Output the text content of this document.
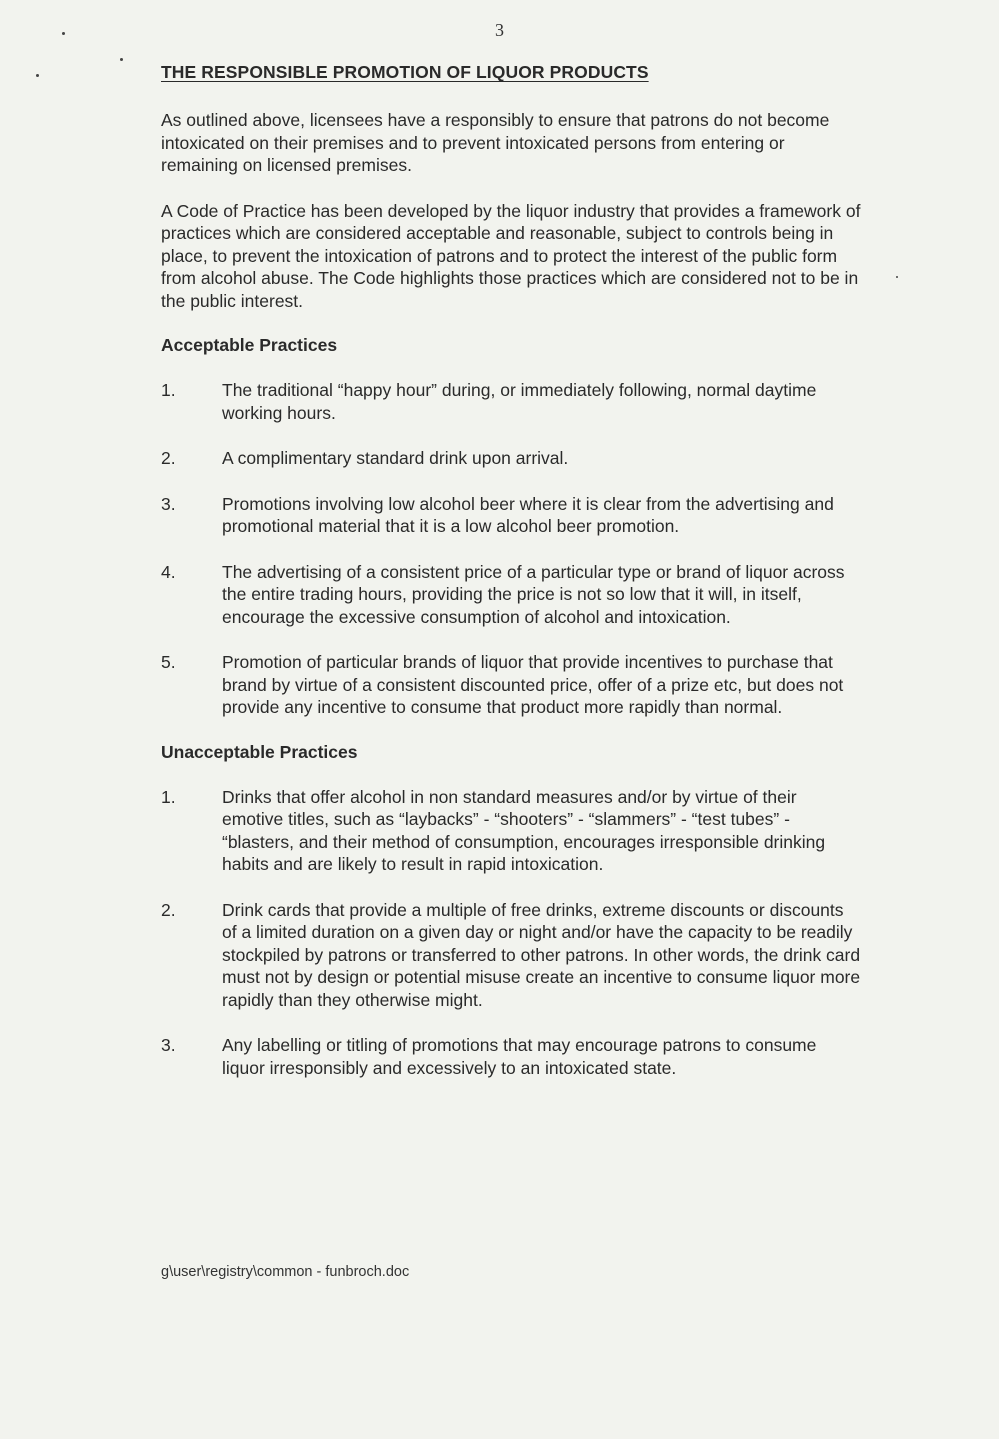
3
THE RESPONSIBLE PROMOTION OF LIQUOR PRODUCTS
As outlined above, licensees have a responsibly to ensure that patrons do not become intoxicated on their premises and to prevent intoxicated persons from entering or remaining on licensed premises.
A Code of Practice has been developed by the liquor industry that provides a framework of practices which are considered acceptable and reasonable, subject to controls being in place, to prevent the intoxication of patrons and to protect the interest of the public form from alcohol abuse. The Code highlights those practices which are considered not to be in the public interest.
Acceptable Practices
1.	The traditional “happy hour” during, or immediately following, normal daytime working hours.
2.	A complimentary standard drink upon arrival.
3.	Promotions involving low alcohol beer where it is clear from the advertising and promotional material that it is a low alcohol beer promotion.
4.	The advertising of a consistent price of a particular type or brand of liquor across the entire trading hours, providing the price is not so low that it will, in itself, encourage the excessive consumption of alcohol and intoxication.
5.	Promotion of particular brands of liquor that provide incentives to purchase that brand by virtue of a consistent discounted price, offer of a prize etc, but does not provide any incentive to consume that product more rapidly than normal.
Unacceptable Practices
1.	Drinks that offer alcohol in non standard measures and/or by virtue of their emotive titles, such as “laybacks” - “shooters” - “slammers” - “test tubes” - “blasters, and their method of consumption, encourages irresponsible drinking habits and are likely to result in rapid intoxication.
2.	Drink cards that provide a multiple of free drinks, extreme discounts or discounts of a limited duration on a given day or night and/or have the capacity to be readily stockpiled by patrons or transferred to other patrons. In other words, the drink card must not by design or potential misuse create an incentive to consume liquor more rapidly than they otherwise might.
3.	Any labelling or titling of promotions that may encourage patrons to consume liquor irresponsibly and excessively to an intoxicated state.
g\user\registry\common - funbroch.doc
